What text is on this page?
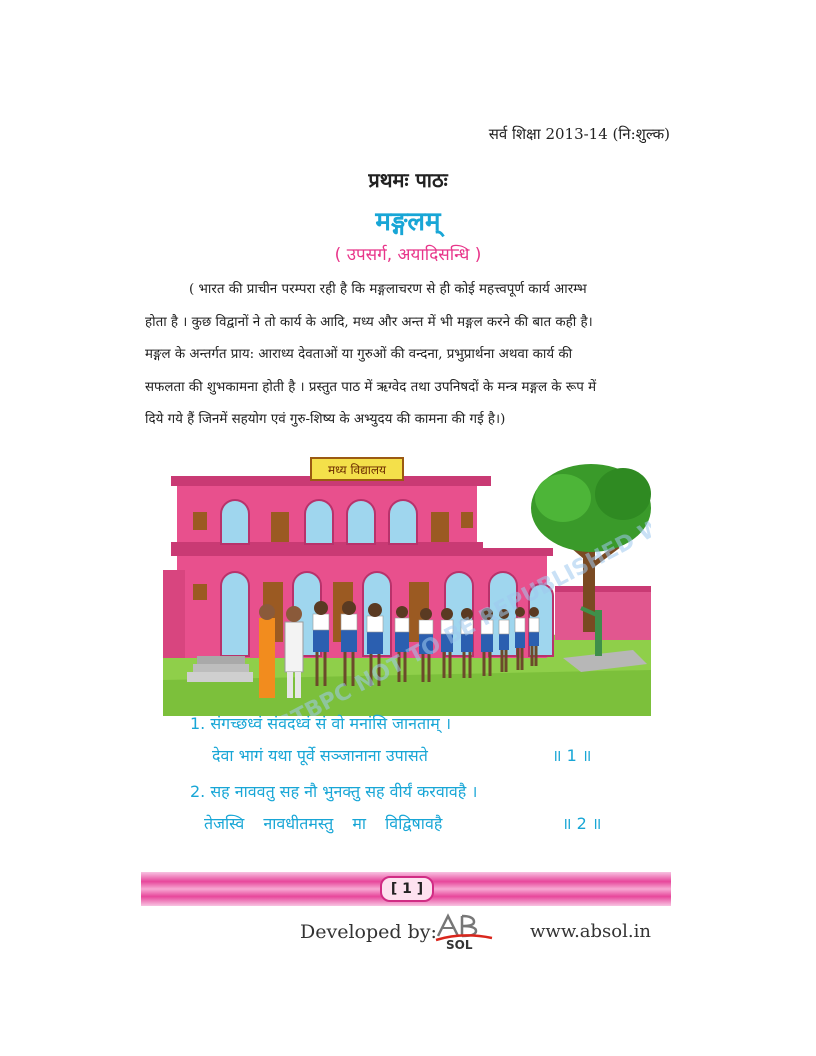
सर्व शिक्षा 2013-14 (नि:शुल्क)
प्रथमः पाठः
मङ्गलम्
( उपसर्ग, अयादिसन्धि )
( भारत की प्राचीन परम्परा रही है कि मङ्गलाचरण से ही कोई महत्त्वपूर्ण कार्य आरम्भ
होता है । कुछ विद्वानों ने तो कार्य के आदि, मध्य और अन्त में भी मङ्गल करने की बात कही है।
मङ्गल के अन्तर्गत प्राय: आराध्य देवताओं या गुरुओं की वन्दना, प्रभुप्रार्थना अथवा कार्य की
सफलता की शुभकामना होती है । प्रस्तुत पाठ में ऋग्वेद तथा उपनिषदों के मन्त्र मङ्गल के रूप में
दिये गये हैं जिनमें सहयोग एवं गुरु-शिष्य के अभ्युदय की कामना की गई है।)
मध्य विद्यालय
BSTBPC NOT TO BE REPUBLISHED
1. संगच्छध्वं संवदध्वं सं वो मनांसि जानताम् ।
देवा भागं यथा पूर्वे सञ्जानाना उपासते	॥ 1 ॥
2. सह नाववतु सह नौ भुनक्तु सह वीर्यं करवावहै ।
तेजस्वि नावधीतमस्तु मा विद्विषावहै	॥ 2 ॥
[ 1 ]
Developed by:
SOL
www.absol.in
